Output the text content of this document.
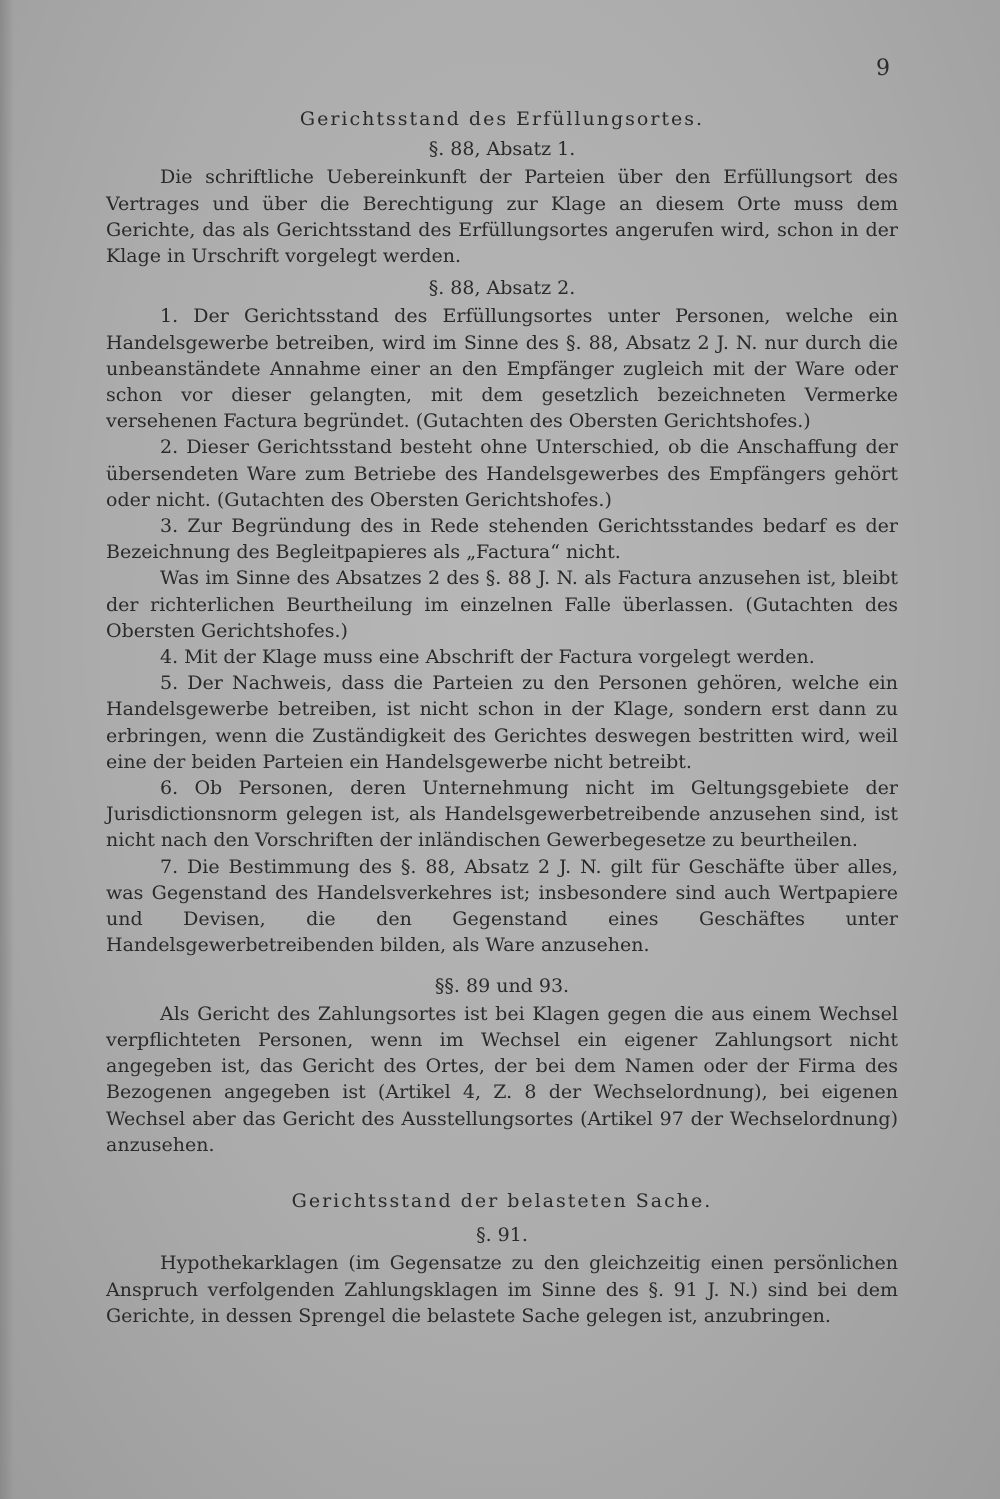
9
Gerichtsstand des Erfüllungsortes.
§. 88, Absatz 1.

Die schriftliche Uebereinkunft der Parteien über den Erfüllungsort des Vertrages und über die Berechtigung zur Klage an diesem Orte muss dem Gerichte, das als Gerichtsstand des Erfüllungsortes angerufen wird, schon in der Klage in Urschrift vorgelegt werden.

§. 88, Absatz 2.

1. Der Gerichtsstand des Erfüllungsortes unter Personen, welche ein Handelsgewerbe betreiben, wird im Sinne des §. 88, Absatz 2 J. N. nur durch die unbeanständete Annahme einer an den Empfänger zugleich mit der Ware oder schon vor dieser gelangten, mit dem gesetzlich bezeichneten Vermerke versehenen Factura begründet. (Gutachten des Obersten Gerichtshofes.)

2. Dieser Gerichtsstand besteht ohne Unterschied, ob die Anschaffung der übersendeten Ware zum Betriebe des Handelsgewerbes des Empfängers gehört oder nicht. (Gutachten des Obersten Gerichtshofes.)

3. Zur Begründung des in Rede stehenden Gerichtsstandes bedarf es der Bezeichnung des Begleitpapieres als „Factura“ nicht.

Was im Sinne des Absatzes 2 des §. 88 J. N. als Factura anzusehen ist, bleibt der richterlichen Beurtheilung im einzelnen Falle überlassen. (Gutachten des Obersten Gerichtshofes.)

4. Mit der Klage muss eine Abschrift der Factura vorgelegt werden.

5. Der Nachweis, dass die Parteien zu den Personen gehören, welche ein Handelsgewerbe betreiben, ist nicht schon in der Klage, sondern erst dann zu erbringen, wenn die Zuständigkeit des Gerichtes deswegen bestritten wird, weil eine der beiden Parteien ein Handelsgewerbe nicht betreibt.

6. Ob Personen, deren Unternehmung nicht im Geltungsgebiete der Jurisdictionsnorm gelegen ist, als Handelsgewerbetreibende anzusehen sind, ist nicht nach den Vorschriften der inländischen Gewerbegesetze zu beurtheilen.

7. Die Bestimmung des §. 88, Absatz 2 J. N. gilt für Geschäfte über alles, was Gegenstand des Handelsverkehres ist; insbesondere sind auch Wertpapiere und Devisen, die den Gegenstand eines Geschäftes unter Handelsgewerbetreibenden bilden, als Ware anzusehen.

§§. 89 und 93.

Als Gericht des Zahlungsortes ist bei Klagen gegen die aus einem Wechsel verpflichteten Personen, wenn im Wechsel ein eigener Zahlungsort nicht angegeben ist, das Gericht des Ortes, der bei dem Namen oder der Firma des Bezogenen angegeben ist (Artikel 4, Z. 8 der Wechselordnung), bei eigenen Wechsel aber das Gericht des Ausstellungsortes (Artikel 97 der Wechselordnung) anzusehen.

Gerichtsstand der belasteten Sache.
§. 91.

Hypothekarklagen (im Gegensatze zu den gleichzeitig einen persönlichen Anspruch verfolgenden Zahlungsklagen im Sinne des §. 91 J. N.) sind bei dem Gerichte, in dessen Sprengel die belastete Sache gelegen ist, anzubringen.
